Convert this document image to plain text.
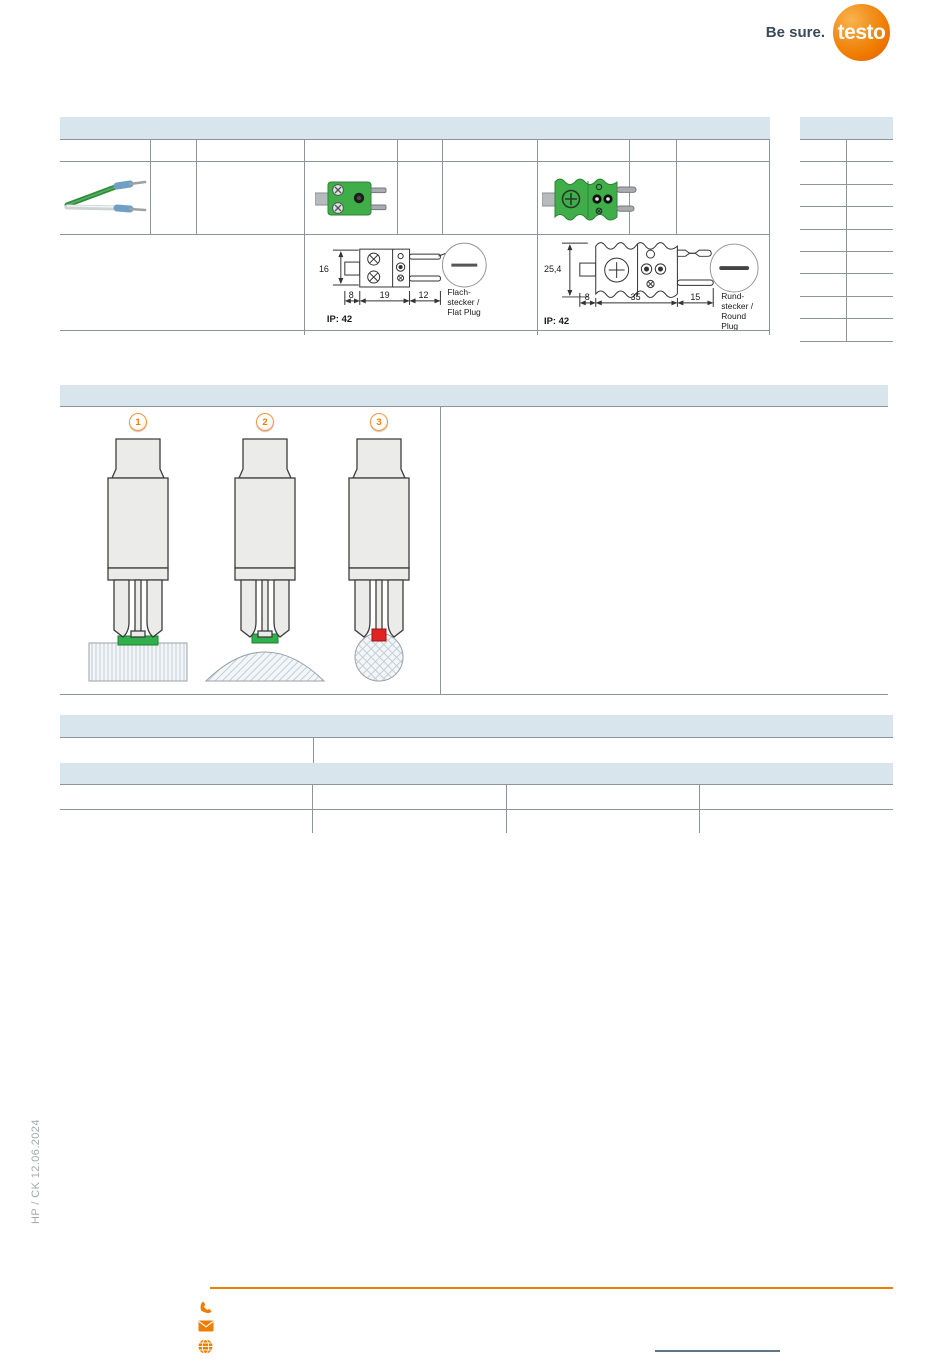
Be sure. testo
16
8	19	12
IP: 42
Flach-
stecker /
Flat Plug
25,4
8	35	15
IP: 42
Rund-
stecker /
Round
Plug
1	2	3
HP / CK 12.06.2024
